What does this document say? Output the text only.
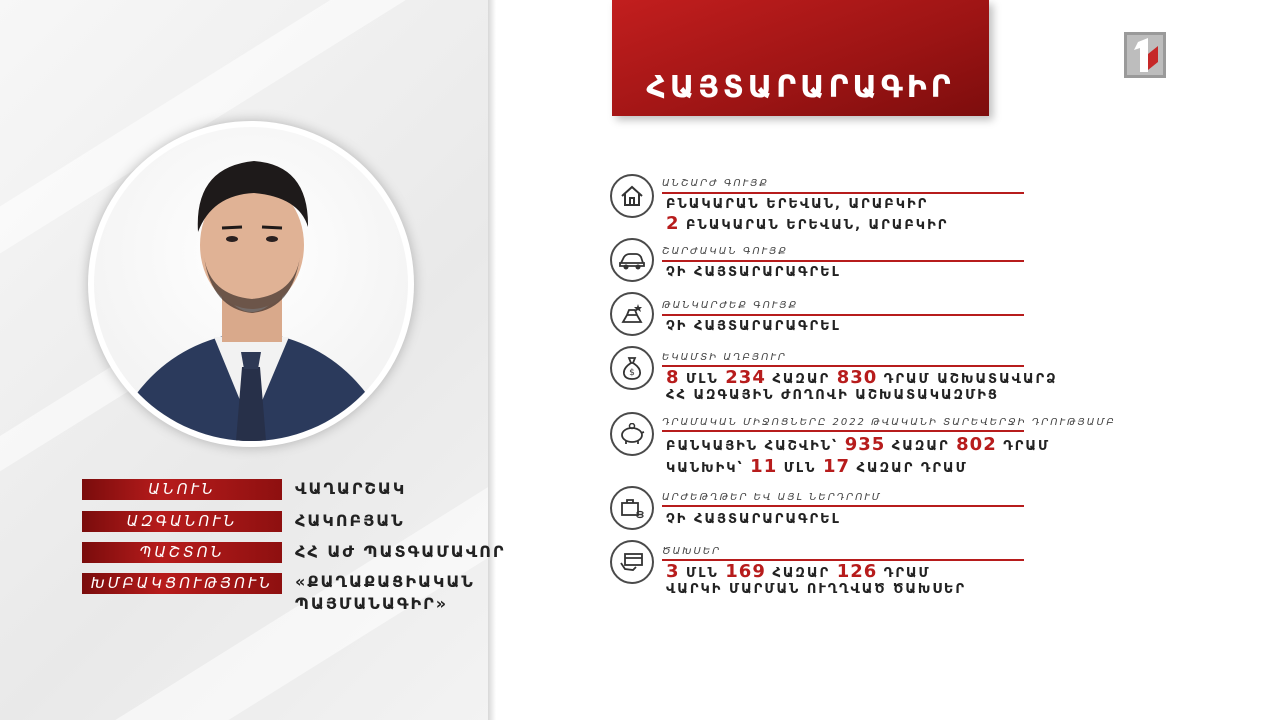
ԱՆՈՒՆ	ՎԱՂԱՐՇԱԿ
ԱԶԳԱՆՈՒՆ	ՀԱԿՈԲՅԱՆ
ՊԱՇՏՈՆ	ՀՀ ԱԺ ՊԱՏԳԱՄԱՎՈՐ
ԽՄԲԱԿՑՈՒԹՅՈՒՆ	«ՔԱՂԱՔԱՑԻԱԿԱՆ
ՊԱՅՄԱՆԱԳԻՐ»
ՀԱՅՏԱՐԱՐԱԳԻՐ
ԱՆՇԱՐԺ ԳՈՒՅՔ
ԲՆԱԿԱՐԱՆ ԵՐԵՎԱՆ, ԱՐԱԲԿԻՐ
2 ԲՆԱԿԱՐԱՆ ԵՐԵՎԱՆ, ԱՐԱԲԿԻՐ
ՇԱՐԺԱԿԱՆ ԳՈՒՅՔ
ՉԻ ՀԱՅՏԱՐԱՐԱԳՐԵԼ
ԹԱՆԿԱՐԺԵՔ ԳՈՒՅՔ
ՉԻ ՀԱՅՏԱՐԱՐԱԳՐԵԼ
$
ԵԿԱՄՏԻ ԱՂԲՅՈՒՐ
8 ՄԼՆ 234 ՀԱԶԱՐ 830 ԴՐԱՄ ԱՇԽԱՏԱՎԱՐՁ
ՀՀ ԱԶԳԱՅԻՆ ԺՈՂՈՎԻ ԱՇԽԱՏԱԿԱԶՄԻՑ
ԴՐԱՄԱԿԱՆ ՄԻՋՈՑՆԵՐԸ 2022 ԹՎԱԿԱՆԻ ՏԱՐԵՎԵՐՋԻ ԴՐՈՒԹՅԱՄԲ
ԲԱՆԿԱՅԻՆ ՀԱՇՎԻՆ՝ 935 ՀԱԶԱՐ 802 ԴՐԱՄ
ԿԱՆԽԻԿ՝ 11 ՄԼՆ 17 ՀԱԶԱՐ ԴՐԱՄ
ԱՐԺԵԹՂԹԵՐ ԵՎ ԱՅԼ ՆԵՐԴՐՈՒՄ
ՉԻ ՀԱՅՏԱՐԱՐԱԳՐԵԼ
ԾԱԽՍԵՐ
3 ՄԼՆ 169 ՀԱԶԱՐ 126 ԴՐԱՄ
ՎԱՐԿԻ ՄԱՐՄԱՆ ՈՒՂՂՎԱԾ ԾԱԽՍԵՐ
